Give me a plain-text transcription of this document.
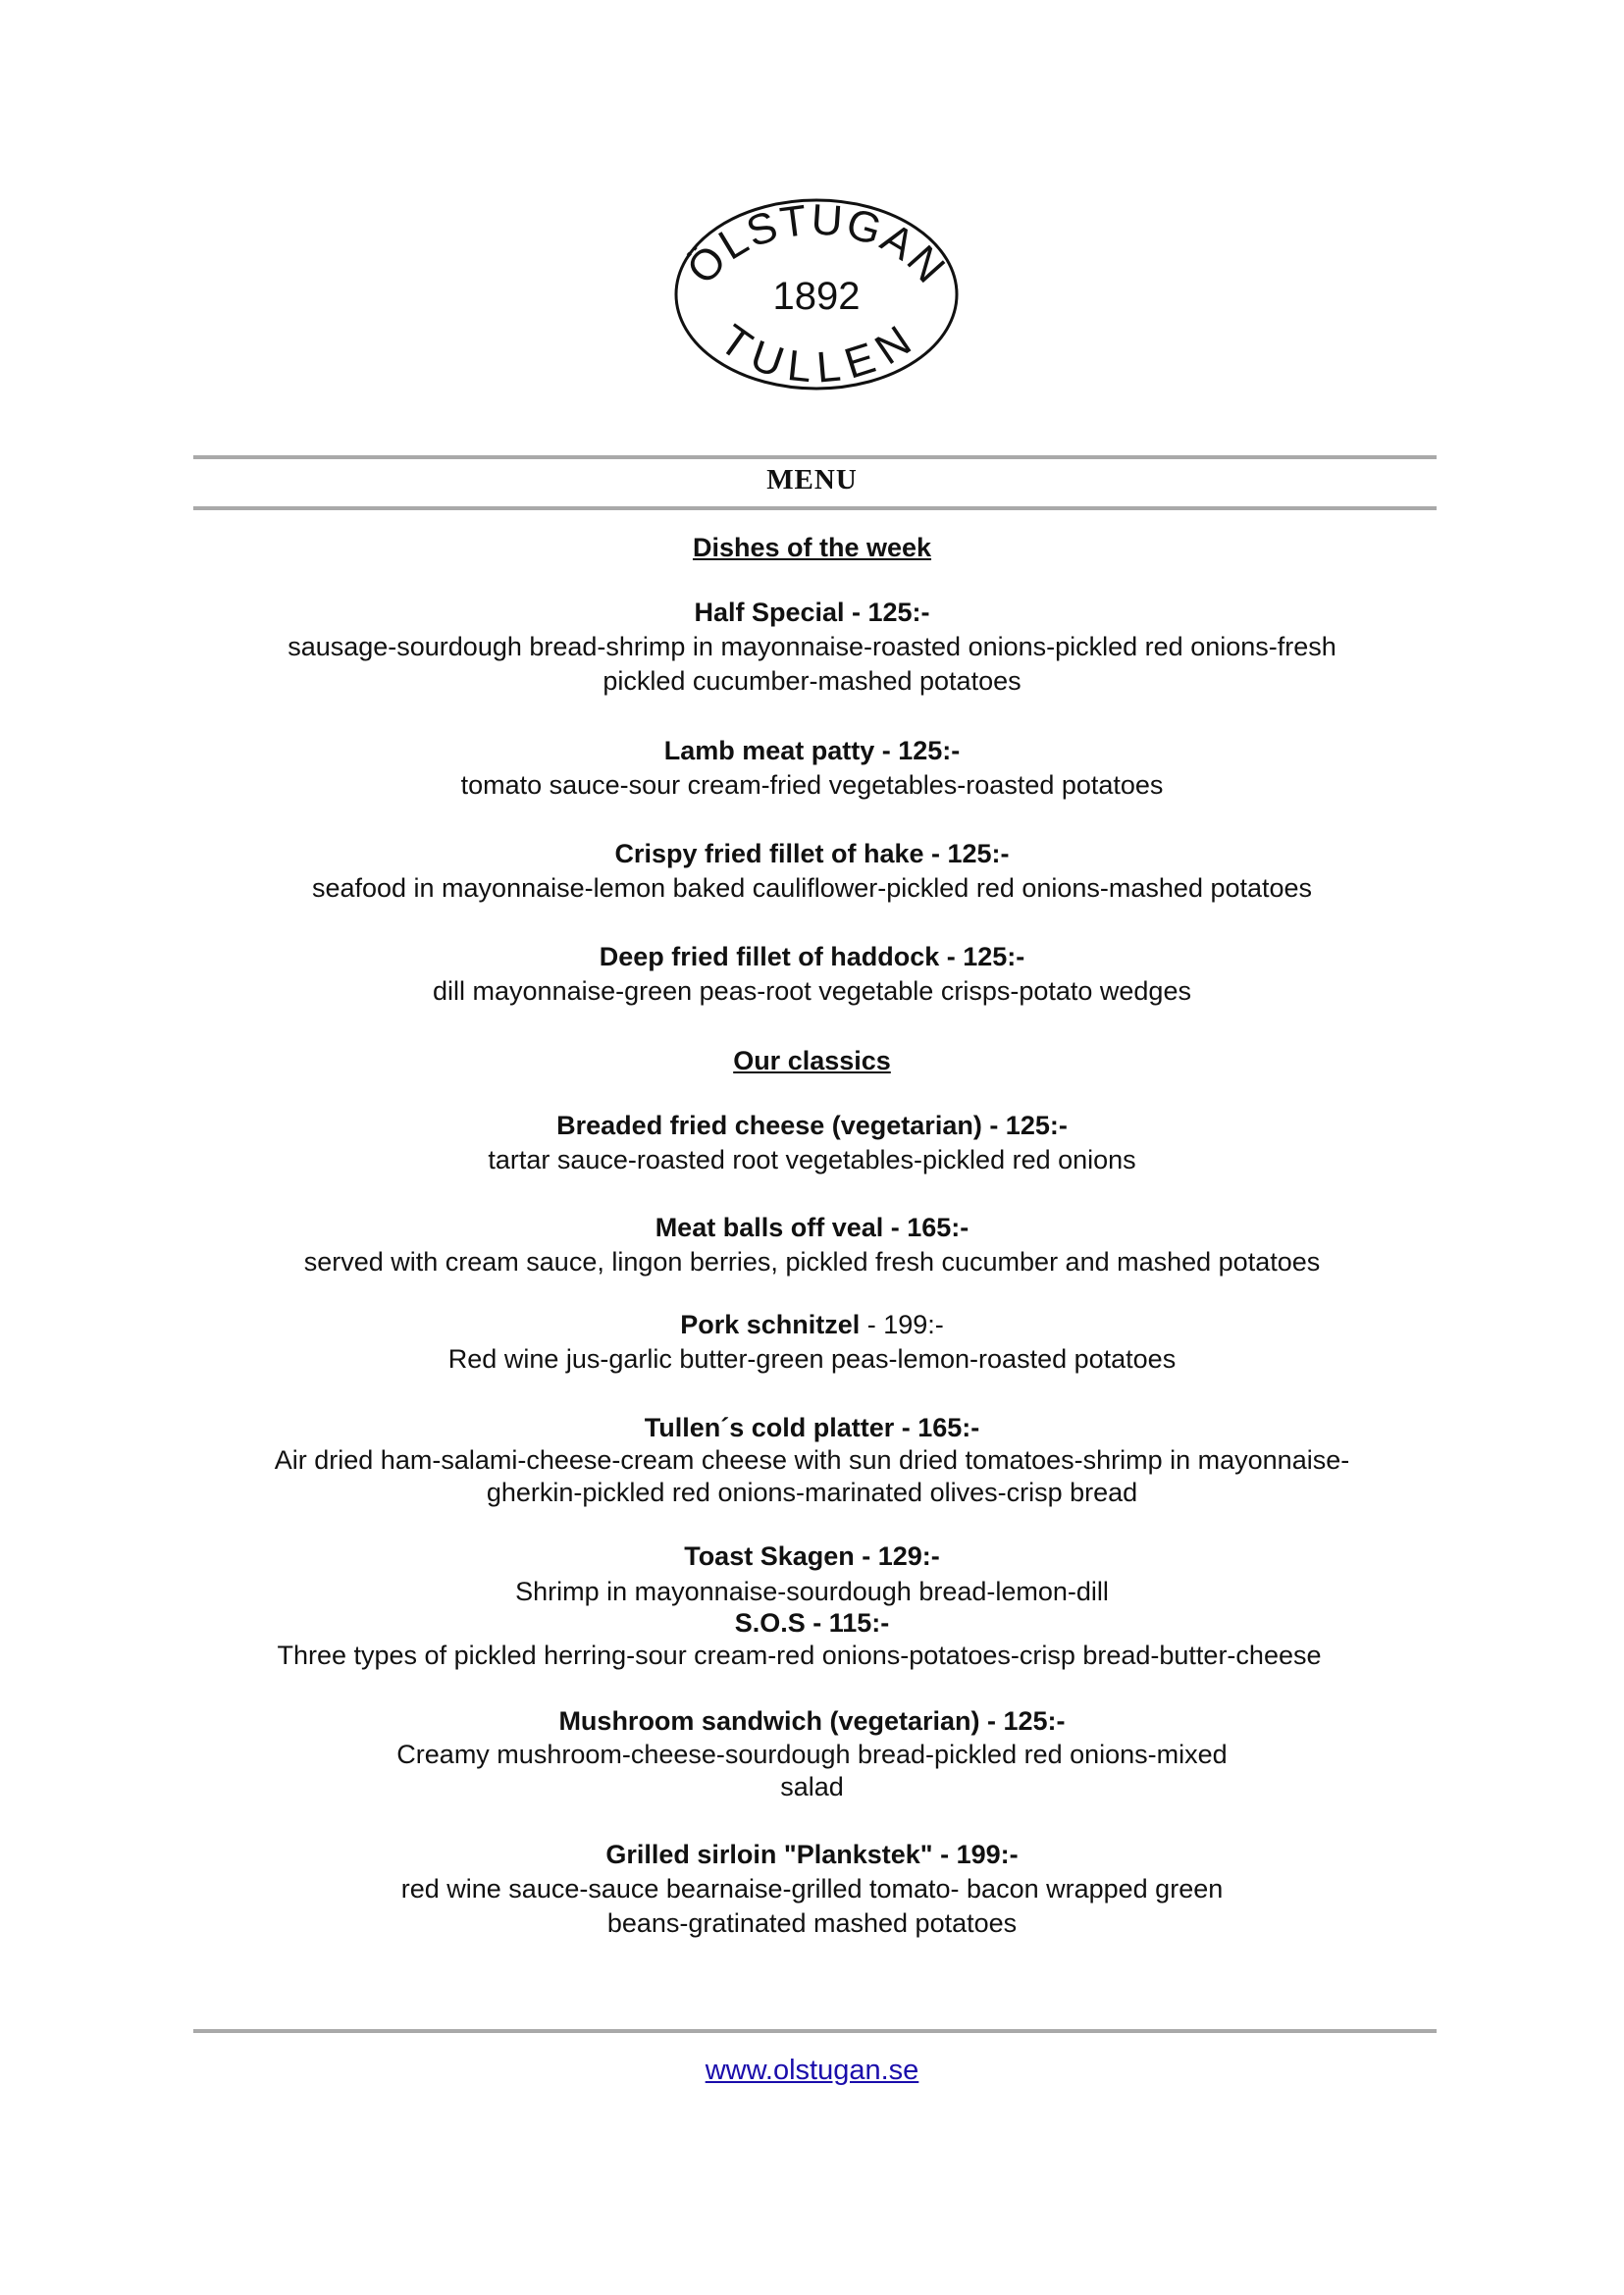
ÖLSTUGAN
1892
TULLEN
MENU
Dishes of the week
Half Special - 125:-
sausage-sourdough bread-shrimp in mayonnaise-roasted onions-pickled red onions-fresh
pickled cucumber-mashed potatoes
Lamb meat patty - 125:-
tomato sauce-sour cream-fried vegetables-roasted potatoes
Crispy fried fillet of hake - 125:-
seafood in mayonnaise-lemon baked cauliflower-pickled red onions-mashed potatoes
Deep fried fillet of haddock - 125:-
dill mayonnaise-green peas-root vegetable crisps-potato wedges
Our classics
Breaded fried cheese (vegetarian) - 125:-
tartar sauce-roasted root vegetables-pickled red onions
Meat balls off veal - 165:-
served with cream sauce, lingon berries, pickled fresh cucumber and mashed potatoes
Pork schnitzel - 199:-
Red wine jus-garlic butter-green peas-lemon-roasted potatoes
Tullen´s cold platter - 165:-
Air dried ham-salami-cheese-cream cheese with sun dried tomatoes-shrimp in mayonnaise-
gherkin-pickled red onions-marinated olives-crisp bread
Toast Skagen - 129:-
Shrimp in mayonnaise-sourdough bread-lemon-dill
S.O.S - 115:-
Three types of pickled herring-sour cream-red onions-potatoes-crisp bread-butter-cheese
Mushroom sandwich (vegetarian) - 125:-
Creamy mushroom-cheese-sourdough bread-pickled red onions-mixed
salad
Grilled sirloin "Plankstek" - 199:-
red wine sauce-sauce bearnaise-grilled tomato- bacon wrapped green
beans-gratinated mashed potatoes
www.olstugan.se
